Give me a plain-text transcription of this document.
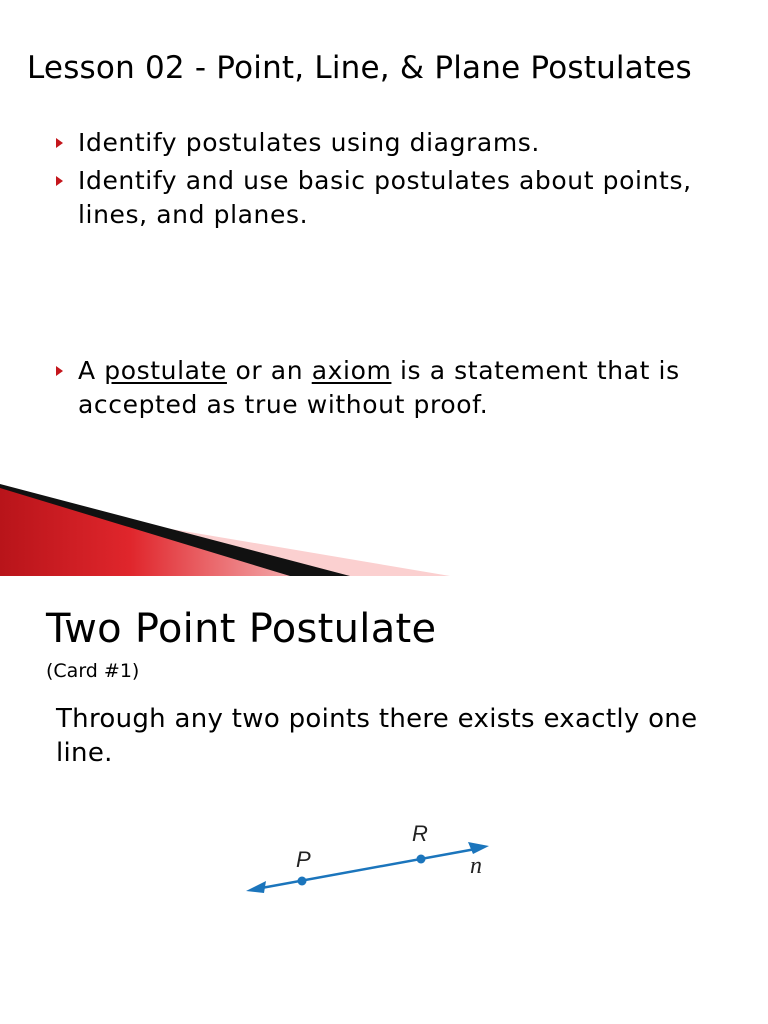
Lesson 02 - Point, Line, & Plane Postulates
Identify postulates using diagrams.
Identify and use basic postulates about points, lines, and planes.
A postulate or an axiom is a statement that is accepted as true without proof.
Two Point Postulate
(Card #1)
Through any two points there exists exactly one line.
P
R
n
